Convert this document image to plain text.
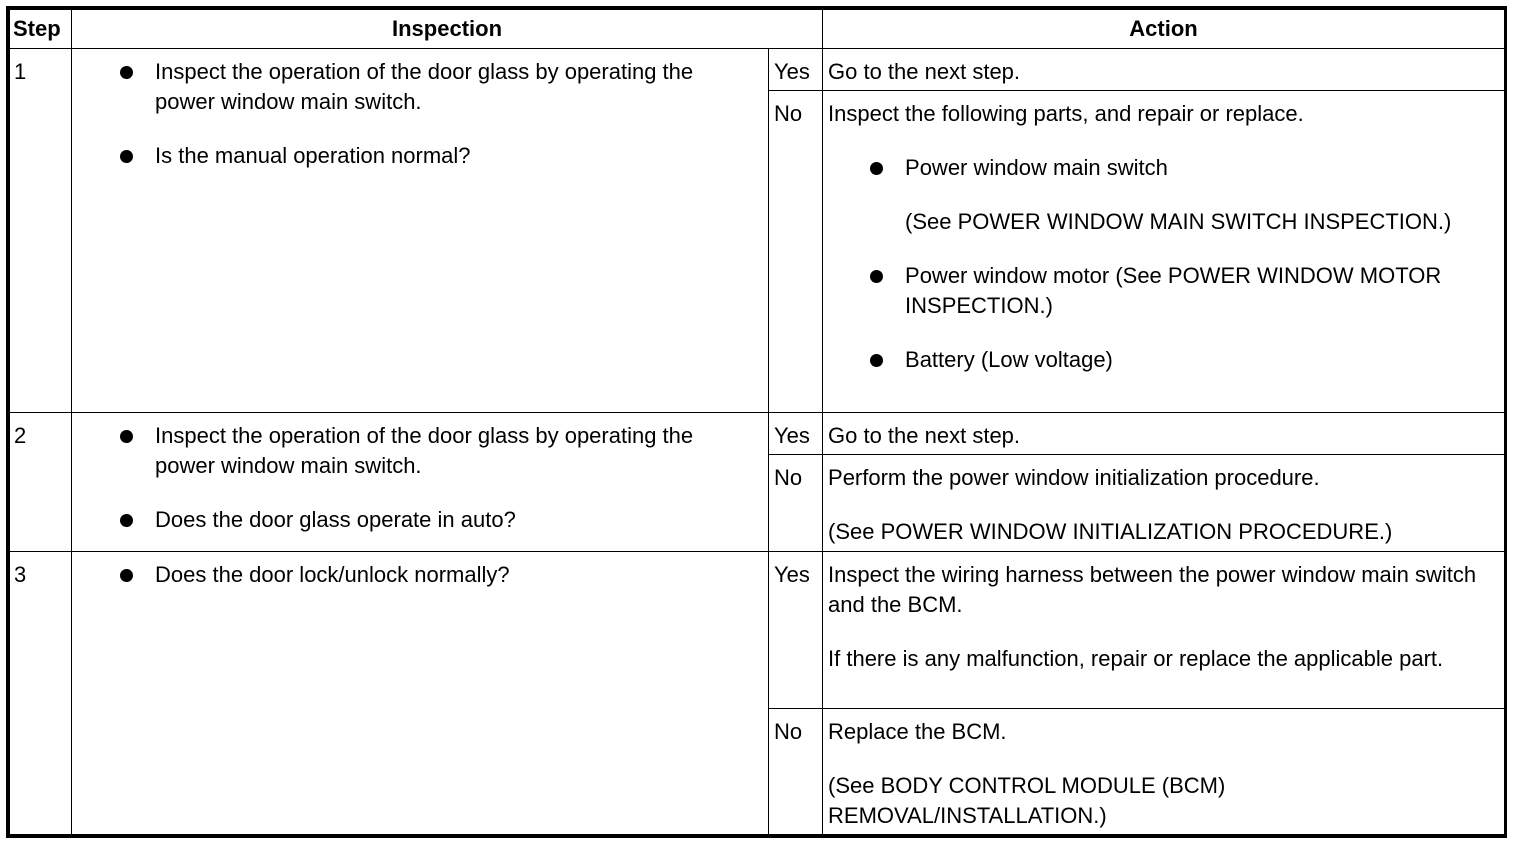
Step	Inspection		Action
1	Inspect the operation of the door glass by operating the power window main switch.
Is the manual operation normal?	Yes	Go to the next step.
		No	Inspect the following parts, and repair or replace.
Power window main switch
(See POWER WINDOW MAIN SWITCH INSPECTION.)
Power window motor (See POWER WINDOW MOTOR INSPECTION.)
Battery (Low voltage)

2	Inspect the operation of the door glass by operating the power window main switch.
Does the door glass operate in auto?	Yes	Go to the next step.
		No	Perform the power window initialization procedure.
(See POWER WINDOW INITIALIZATION PROCEDURE.)

3	Does the door lock/unlock normally?	Yes	Inspect the wiring harness between the power window main switch and the BCM.
If there is any malfunction, repair or replace the applicable part.

		No	Replace the BCM.
(See BODY CONTROL MODULE (BCM) REMOVAL/INSTALLATION.)
